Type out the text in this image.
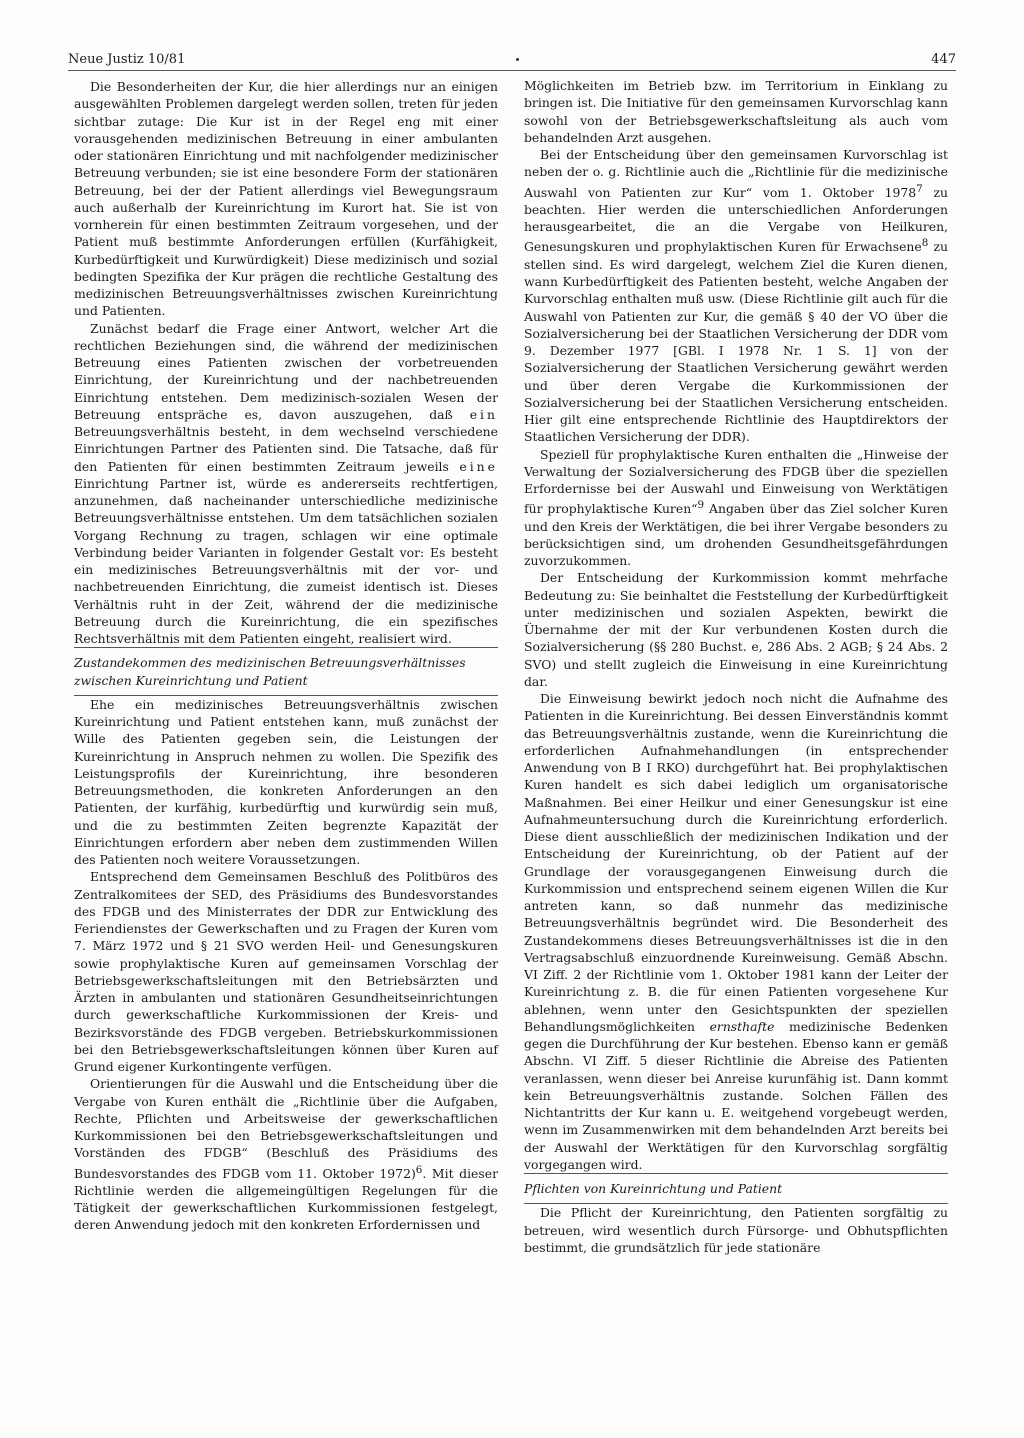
Neue Justiz 10/81	447

Die Besonderheiten der Kur, die hier allerdings nur an einigen ausgewählten Problemen dargelegt werden sollen, treten für jeden sichtbar zutage: Die Kur ist in der Regel eng mit einer vorausgehenden medizinischen Betreuung in einer ambulanten oder stationären Einrichtung und mit nachfolgender medizinischer Betreuung verbunden; sie ist eine besondere Form der stationären Betreuung, bei der der Patient allerdings viel Bewegungsraum auch außerhalb der Kureinrichtung im Kurort hat. Sie ist von vornherein für einen bestimmten Zeitraum vorgesehen, und der Patient muß bestimmte Anforderungen erfüllen (Kurfähigkeit, Kurbedürftigkeit und Kurwürdigkeit) Diese medizinisch und sozial bedingten Spezifika der Kur prägen die rechtliche Gestaltung des medizinischen Betreuungsverhältnisses zwischen Kureinrichtung und Patienten.

Zunächst bedarf die Frage einer Antwort, welcher Art die rechtlichen Beziehungen sind, die während der medizinischen Betreuung eines Patienten zwischen der vorbetreuenden Einrichtung, der Kureinrichtung und der nachbetreuenden Einrichtung entstehen. Dem medizinisch-sozialen Wesen der Betreuung entspräche es, davon auszugehen, daß ein Betreuungsverhältnis besteht, in dem wechselnd verschiedene Einrichtungen Partner des Patienten sind. Die Tatsache, daß für den Patienten für einen bestimmten Zeitraum jeweils eine Einrichtung Partner ist, würde es andererseits rechtfertigen, anzunehmen, daß nacheinander unterschiedliche medizinische Betreuungsverhältnisse entstehen. Um dem tatsächlichen sozialen Vorgang Rechnung zu tragen, schlagen wir eine optimale Verbindung beider Varianten in folgender Gestalt vor: Es besteht ein medizinisches Betreuungsverhältnis mit der vor- und nachbetreuenden Einrichtung, die zumeist identisch ist. Dieses Verhältnis ruht in der Zeit, während der die medizinische Betreuung durch die Kureinrichtung, die ein spezifisches Rechtsverhältnis mit dem Patienten eingeht, realisiert wird.

Zustandekommen des medizinischen Betreuungsverhältnisses zwischen Kureinrichtung und Patient

Ehe ein medizinisches Betreuungsverhältnis zwischen Kureinrichtung und Patient entstehen kann, muß zunächst der Wille des Patienten gegeben sein, die Leistungen der Kureinrichtung in Anspruch nehmen zu wollen. Die Spezifik des Leistungsprofils der Kureinrichtung, ihre besonderen Betreuungsmethoden, die konkreten Anforderungen an den Patienten, der kurfähig, kurbedürftig und kurwürdig sein muß, und die zu bestimmten Zeiten begrenzte Kapazität der Einrichtungen erfordern aber neben dem zustimmenden Willen des Patienten noch weitere Voraussetzungen.

Entsprechend dem Gemeinsamen Beschluß des Politbüros des Zentralkomitees der SED, des Präsidiums des Bundesvorstandes des FDGB und des Ministerrates der DDR zur Entwicklung des Feriendienstes der Gewerkschaften und zu Fragen der Kuren vom 7. März 1972 und § 21 SVO werden Heil- und Genesungskuren sowie prophylaktische Kuren auf gemeinsamen Vorschlag der Betriebsgewerkschaftsleitungen mit den Betriebsärzten und Ärzten in ambulanten und stationären Gesundheitseinrichtungen durch gewerkschaftliche Kurkommissionen der Kreis- und Bezirksvorstände des FDGB vergeben. Betriebskurkommissionen bei den Betriebsgewerkschaftsleitungen können über Kuren auf Grund eigener Kurkontingente verfügen.

Orientierungen für die Auswahl und die Entscheidung über die Vergabe von Kuren enthält die „Richtlinie über die Aufgaben, Rechte, Pflichten und Arbeitsweise der gewerkschaftlichen Kurkommissionen bei den Betriebsgewerkschaftsleitungen und Vorständen des FDGB“ (Beschluß des Präsidiums des Bundesvorstandes des FDGB vom 11. Oktober 1972)$^6$. Mit dieser Richtlinie werden die allgemeingültigen Regelungen für die Tätigkeit der gewerkschaftlichen Kurkommissionen festgelegt, deren Anwendung jedoch mit den konkreten Erfordernissen und

Möglichkeiten im Betrieb bzw. im Territorium in Einklang zu bringen ist. Die Initiative für den gemeinsamen Kurvorschlag kann sowohl von der Betriebsgewerkschaftsleitung als auch vom behandelnden Arzt ausgehen.

Bei der Entscheidung über den gemeinsamen Kurvorschlag ist neben der o. g. Richtlinie auch die „Richtlinie für die medizinische Auswahl von Patienten zur Kur“ vom 1. Oktober 1978$^7$ zu beachten. Hier werden die unterschiedlichen Anforderungen herausgearbeitet, die an die Vergabe von Heilkuren, Genesungskuren und prophylaktischen Kuren für Erwachsene$^8$ zu stellen sind. Es wird dargelegt, welchem Ziel die Kuren dienen, wann Kurbedürftigkeit des Patienten besteht, welche Angaben der Kurvorschlag enthalten muß usw. (Diese Richtlinie gilt auch für die Auswahl von Patienten zur Kur, die gemäß § 40 der VO über die Sozialversicherung bei der Staatlichen Versicherung der DDR vom 9. Dezember 1977 [GBl. I 1978 Nr. 1 S. 1] von der Sozialversicherung der Staatlichen Versicherung gewährt werden und über deren Vergabe die Kurkommissionen der Sozialversicherung bei der Staatlichen Versicherung entscheiden. Hier gilt eine entsprechende Richtlinie des Hauptdirektors der Staatlichen Versicherung der DDR).

Speziell für prophylaktische Kuren enthalten die „Hinweise der Verwaltung der Sozialversicherung des FDGB über die speziellen Erfordernisse bei der Auswahl und Einweisung von Werktätigen für prophylaktische Kuren“$^9$ Angaben über das Ziel solcher Kuren und den Kreis der Werktätigen, die bei ihrer Vergabe besonders zu berücksichtigen sind, um drohenden Gesundheitsgefährdungen zuvorzukommen.

Der Entscheidung der Kurkommission kommt mehrfache Bedeutung zu: Sie beinhaltet die Feststellung der Kurbedürftigkeit unter medizinischen und sozialen Aspekten, bewirkt die Übernahme der mit der Kur verbundenen Kosten durch die Sozialversicherung (§§ 280 Buchst. e, 286 Abs. 2 AGB; § 24 Abs. 2 SVO) und stellt zugleich die Einweisung in eine Kureinrichtung dar.

Die Einweisung bewirkt jedoch noch nicht die Aufnahme des Patienten in die Kureinrichtung. Bei dessen Einverständnis kommt das Betreuungsverhältnis zustande, wenn die Kureinrichtung die erforderlichen Aufnahmehandlungen (in entsprechender Anwendung von B I RKO) durchgeführt hat. Bei prophylaktischen Kuren handelt es sich dabei lediglich um organisatorische Maßnahmen. Bei einer Heilkur und einer Genesungskur ist eine Aufnahmeuntersuchung durch die Kureinrichtung erforderlich. Diese dient ausschließlich der medizinischen Indikation und der Entscheidung der Kureinrichtung, ob der Patient auf der Grundlage der vorausgegangenen Einweisung durch die Kurkommission und entsprechend seinem eigenen Willen die Kur antreten kann, so daß nunmehr das medizinische Betreuungsverhältnis begründet wird. Die Besonderheit des Zustandekommens dieses Betreuungsverhältnisses ist die in den Vertragsabschluß einzuordnende Kureinweisung. Gemäß Abschn. VI Ziff. 2 der Richtlinie vom 1. Oktober 1981 kann der Leiter der Kureinrichtung z. B. die für einen Patienten vorgesehene Kur ablehnen, wenn unter den Gesichtspunkten der speziellen Behandlungsmöglichkeiten ernsthafte medizinische Bedenken gegen die Durchführung der Kur bestehen. Ebenso kann er gemäß Abschn. VI Ziff. 5 dieser Richtlinie die Abreise des Patienten veranlassen, wenn dieser bei Anreise kurunfähig ist. Dann kommt kein Betreuungsverhältnis zustande. Solchen Fällen des Nichtantritts der Kur kann u. E. weitgehend vorgebeugt werden, wenn im Zusammenwirken mit dem behandelnden Arzt bereits bei der Auswahl der Werktätigen für den Kurvorschlag sorgfältig vorgegangen wird.

Pflichten von Kureinrichtung und Patient

Die Pflicht der Kureinrichtung, den Patienten sorgfältig zu betreuen, wird wesentlich durch Fürsorge- und Obhutspflichten bestimmt, die grundsätzlich für jede stationäre
